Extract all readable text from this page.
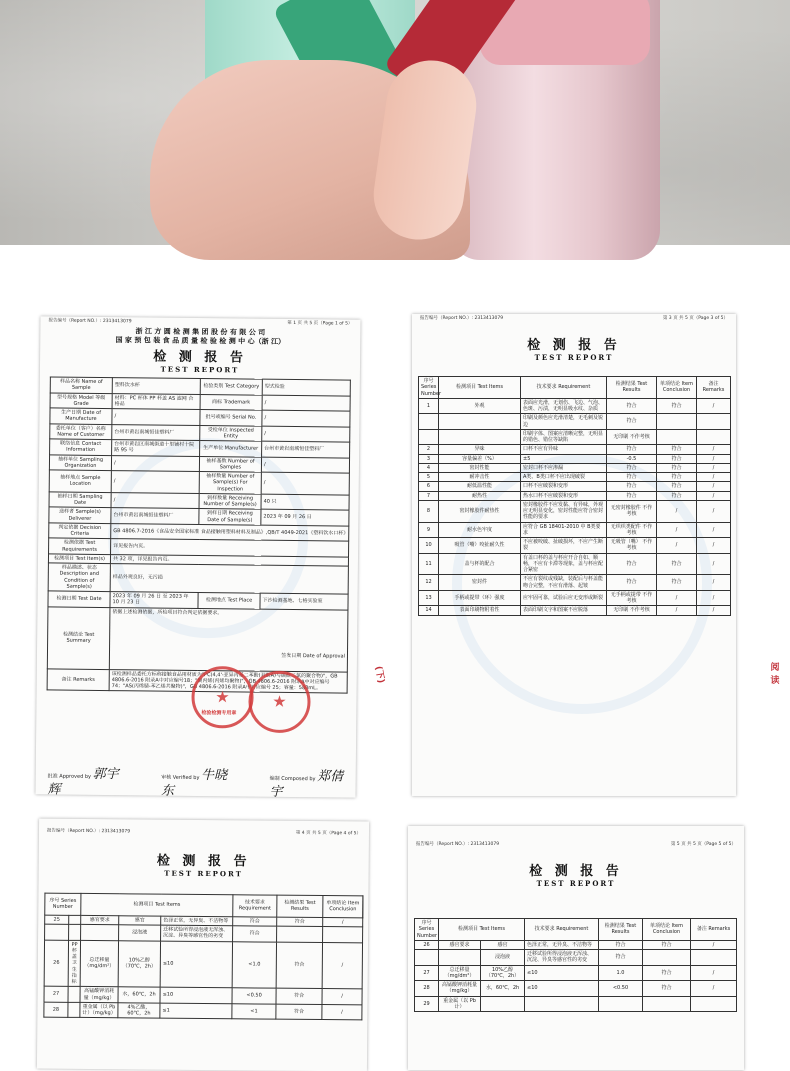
报告编号（Report NO.）: 2313413079	第 1 页 共 5 页（Page 1 of 5）
浙 江 方 圆 检 测 集 团 股 份 有 限 公 司
国 家 预 包 装 食 品 质 量 检 验 检 测 中 心（浙 江）
检 测 报 告
TEST REPORT
样品名称 Name of Sample	塑料饮水杯	检验类别 Test Category	型式检验
型号规格 Model 等级 Grade	材料：PC 杯体 PP 杯盖 AS 滤网 合格品	商标 Trademark	/
生产日期 Date of Manufacture	/	批号或编号 Serial No.	/
委托单位（客户）名称 Name of Customer	台州市黄岩南城恒佳塑料厂	受检单位 Inspected Entity	/
联络信息 Contact Information	台州市黄岩区南城街道十里铺村十院路 95 号	生产单位 Manufacturer	台州市黄岩南城恒佳塑料厂
抽样单位 Sampling Organization	/	抽样基数 Number of Samples	/
抽样地点 Sample Location	/	抽样数量 Number of Sample(s) For Inspection	/
抽样日期 Sampling Date	/	到样数量 Receiving Number of Sample(s)	40 只
送样者 Sample(s) Deliverer	台州市黄岩南城恒佳塑料厂	到样日期 Receiving Date of Sample(s)	2023 年 09 月 26 日
判定依据 Decision Criteria	GB 4806.7-2016《食品安全国家标准 食品接触用塑料材料及制品》,QB/T 4049-2021《塑料饮水口杯》		
检测依据 Test Requirements	详见报告内页。		
检测项目 Test Item(s)	共 32 项，详见报告内页。		
样品描述、状态 Description and Condition of Sample(s)	样品外观良好，无污损		
检测日期 Test Date	2023 年 09 月 26 日 至 2023 年 10 月 23 日	检测地点 Test Place	下沙检测基地、七格实验室
检测结论 Test Summary	依据上述检测依据，所检项目符合判定依据要求。
签发日期 Date of Approval		

备注 Remarks	该检测样品委托方标称接触食品用材质为"PC(4,4'-亚异丙基二苯酚(双酚A)与碳酰二氯的聚合物)"，GB 4806.6-2016 附录A中对应编号18；"聚丙烯(丙烯均聚物)"，GB 4806.6-2016 附录A中对应编号74；"AS(丙烯腈-苯乙烯共聚物)"，GB 4806.6-2016 附录A中对应编号 25；容量：580mL。		
★	★
检验检测专用章
批准 Approved by 郭宇辉
审核 Verified by 牛晓东
编制 Composed by 郑倩宇
(下)
报告编号（Report NO.）: 2313413079	第 3 页 共 5 页（Page 3 of 5）
检 测 报 告
TEST REPORT
序号 Series Number	检测项目 Test Items	技术要求 Requirement	检测结果 Test Results	单项结论 Item Conclusion	备注 Remarks
1	外观	表面应光滑，无划伤、飞边、气泡、色斑、污渍，无明显吸水纹、杂质	符合	符合	/
		印刷及颜色应光滑清楚，无毛刺及锐边	符合		
		印刷字体、图案应清晰完整，无明显的错色、错位等缺陷	无印刷 不作考核		
2	异味	口杯不应有异味	符合	符合	/
3	容量偏差（%）	±5	-0.5	符合	/
4	密封性能	密封口杯不应渗漏	符合	符合	/
5	耐冲击性	A类、B类口杯不应出现破裂	符合	符合	/
6	耐低温性能	口杯不应破裂和变形	符合	符合	/
7	耐热性	热水口杯不应破裂和变形	符合	符合	/
8	密封橡胶件耐热性	密封橡胶件不应发黏、有异味，外观应无明显变化，密封性能应符合密封性能的要求	无密封橡胶件 不作考核	/	/
9	耐水色牢度	应符合 GB 18401-2010 中 B类要求	无织织类配件 不作考核	/	/
10	吸管（嘴）咬扯耐久性	不应被咬破、扯破损坏，不应产生断裂	无吸管（嘴） 不作考核	/	/
11	盖与杯的配合	有盖口杯的盖与杯应开合自如、顺畅，不应有卡滞等现象，盖与杯应配合紧密	符合	符合	/
12	密封件	不应有裂纹或残缺，装配后与杯盖能吻合完整，不应有滑落、起皱	符合	符合	/
13	手柄或提带（环）强度	应牢固可靠，试验后应无变形或断裂	无手柄或提带 不作考核	/	/
14	表面印刷物附着性	表面印刷文字和图案不应脱落	无印刷 不作考核	/	/
阅读
报告编号（Report NO.）: 2313413079	第 4 页 共 5 页（Page 4 of 5）
检 测 报 告
TEST REPORT
序号 Series Number		检测项目 Test Items			技术要求 Requirement	检测结果 Test Results	单项结论 Item Conclusion	
25		感官要求	感官	色泽正常，无异臭、不洁物等	符合	符合	/	
			浸泡液	迁移试验所得浸泡液无浑浊、沉淀、异臭等感官性的劣变	符合			
26	PP 杯盖 卫生 指标	总迁移量（mg/dm²）	10%乙醇（70℃，2h）	≤10	<1.0	符合	/	
27		高锰酸钾消耗量（mg/kg）	水，60℃，2h	≤10	<0.50	符合	/	
28		重金属（以 Pb 计）（mg/kg）	4%乙酸，60℃，2h	≤1	<1	符合	/	
报告编号（Report NO.）: 2313413079	第 5 页 共 5 页（Page 5 of 5）
检 测 报 告
TEST REPORT
序号 Series Number	检测项目 Test Items		技术要求 Requirement	检测结果 Test Results	单项结论 Item Conclusion	备注 Remarks
26	感官要求	感官	色泽正常，无异臭、不洁物等	符合	符合	/
		浸泡液	迁移试验所得浸泡液无浑浊、沉淀、异臭等感官性的劣变	符合		
27	总迁移量（mg/dm²）	10%乙醇（70℃，2h）	≤10	1.0	符合	/
28	高锰酸钾消耗量（mg/kg）	水，60℃，2h	≤10	<0.50	符合	/
29	重金属（以 Pb 计）					
